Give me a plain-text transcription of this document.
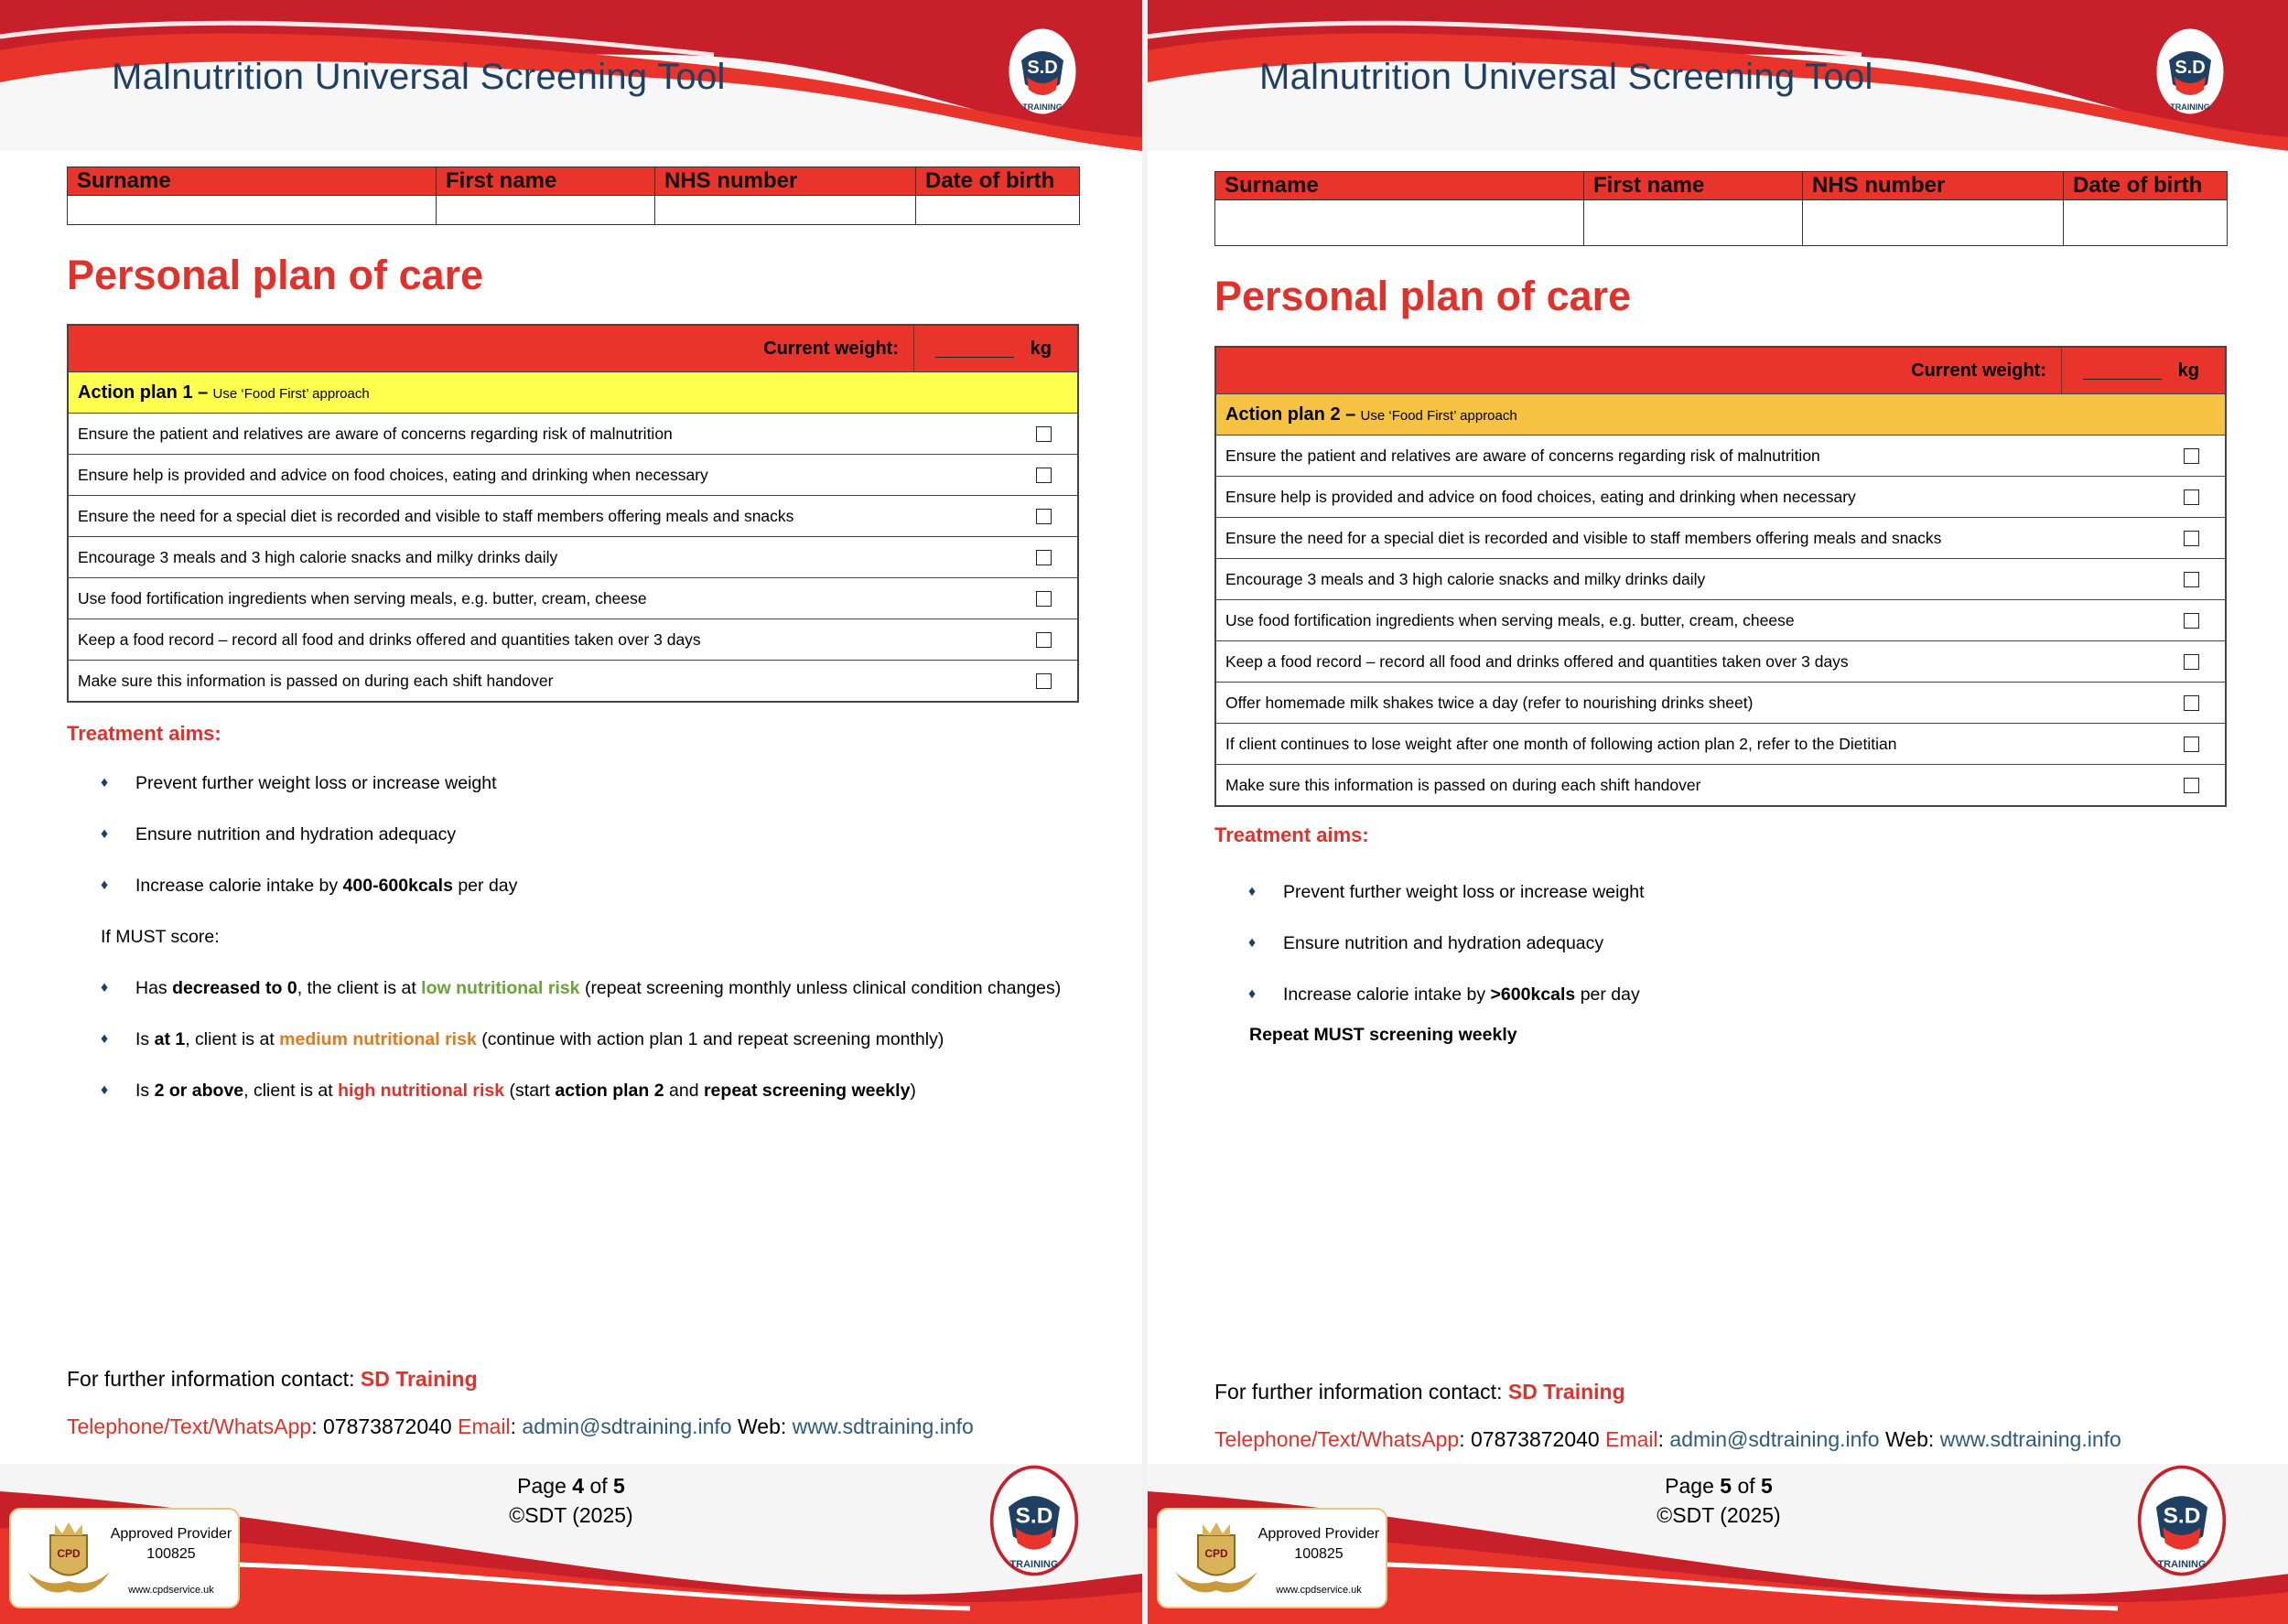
Malnutrition Universal Screening Tool	S.D
TRAINING
Surname	First name	NHS number	Date of birth

Personal plan of care
Current weight:	kg
Action plan 1 – Use ‘Food First’ approach
Ensure the patient and relatives are aware of concerns regarding risk of malnutrition
Ensure help is provided and advice on food choices, eating and drinking when necessary
Ensure the need for a special diet is recorded and visible to staff members offering meals and snacks
Encourage 3 meals and 3 high calorie snacks and milky drinks daily
Use food fortification ingredients when serving meals, e.g. butter, cream, cheese
Keep a food record – record all food and drinks offered and quantities taken over 3 days
Make sure this information is passed on during each shift handover
Treatment aims:
♦ Prevent further weight loss or increase weight
♦ Ensure nutrition and hydration adequacy
♦ Increase calorie intake by 400-600kcals per day
If MUST score:
♦ Has decreased to 0, the client is at low nutritional risk (repeat screening monthly unless clinical condition changes)
♦ Is at 1, client is at medium nutritional risk (continue with action plan 1 and repeat screening monthly)
♦ Is 2 or above, client is at high nutritional risk (start action plan 2 and repeat screening weekly)
For further information contact: SD Training
Telephone/Text/WhatsApp: 07873872040 Email: admin@sdtraining.info Web: www.sdtraining.info
Page 4 of 5
©SDT (2025)
CPD
Approved Provider
100825
www.cpdservice.uk
S.D
TRAINING
Malnutrition Universal Screening Tool	S.D
TRAINING
Surname	First name	NHS number	Date of birth

Personal plan of care
Current weight:	kg
Action plan 2 – Use ‘Food First’ approach
Ensure the patient and relatives are aware of concerns regarding risk of malnutrition
Ensure help is provided and advice on food choices, eating and drinking when necessary
Ensure the need for a special diet is recorded and visible to staff members offering meals and snacks
Encourage 3 meals and 3 high calorie snacks and milky drinks daily
Use food fortification ingredients when serving meals, e.g. butter, cream, cheese
Keep a food record – record all food and drinks offered and quantities taken over 3 days
Offer homemade milk shakes twice a day (refer to nourishing drinks sheet)
If client continues to lose weight after one month of following action plan 2, refer to the Dietitian
Make sure this information is passed on during each shift handover
Treatment aims:
♦ Prevent further weight loss or increase weight
♦ Ensure nutrition and hydration adequacy
♦ Increase calorie intake by >600kcals per day
Repeat MUST screening weekly
For further information contact: SD Training
Telephone/Text/WhatsApp: 07873872040 Email: admin@sdtraining.info Web: www.sdtraining.info
Page 5 of 5
©SDT (2025)
CPD
Approved Provider
100825
www.cpdservice.uk
S.D
TRAINING
